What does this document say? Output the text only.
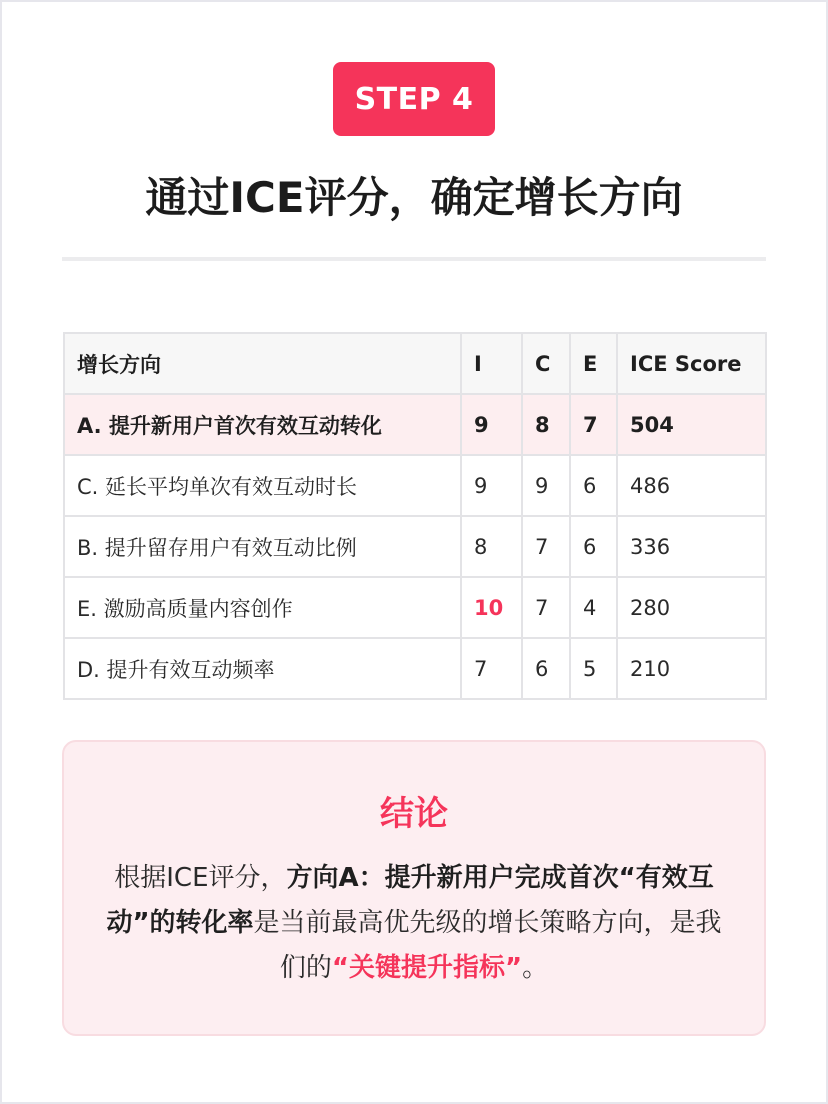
STEP 4
通过ICE评分，确定增长方向
增长方向	I	C	E	ICE Score
A. 提升新用户首次有效互动转化	9	8	7	504
C. 延长平均单次有效互动时长	9	9	6	486
B. 提升留存用户有效互动比例	8	7	6	336
E. 激励高质量内容创作	10	7	4	280
D. 提升有效互动频率	7	6	5	210
结论

根据ICE评分，方向A：提升新用户完成首次“有效互动”的转化率是当前最高优先级的增长策略方向，是我们的“关键提升指标”。
